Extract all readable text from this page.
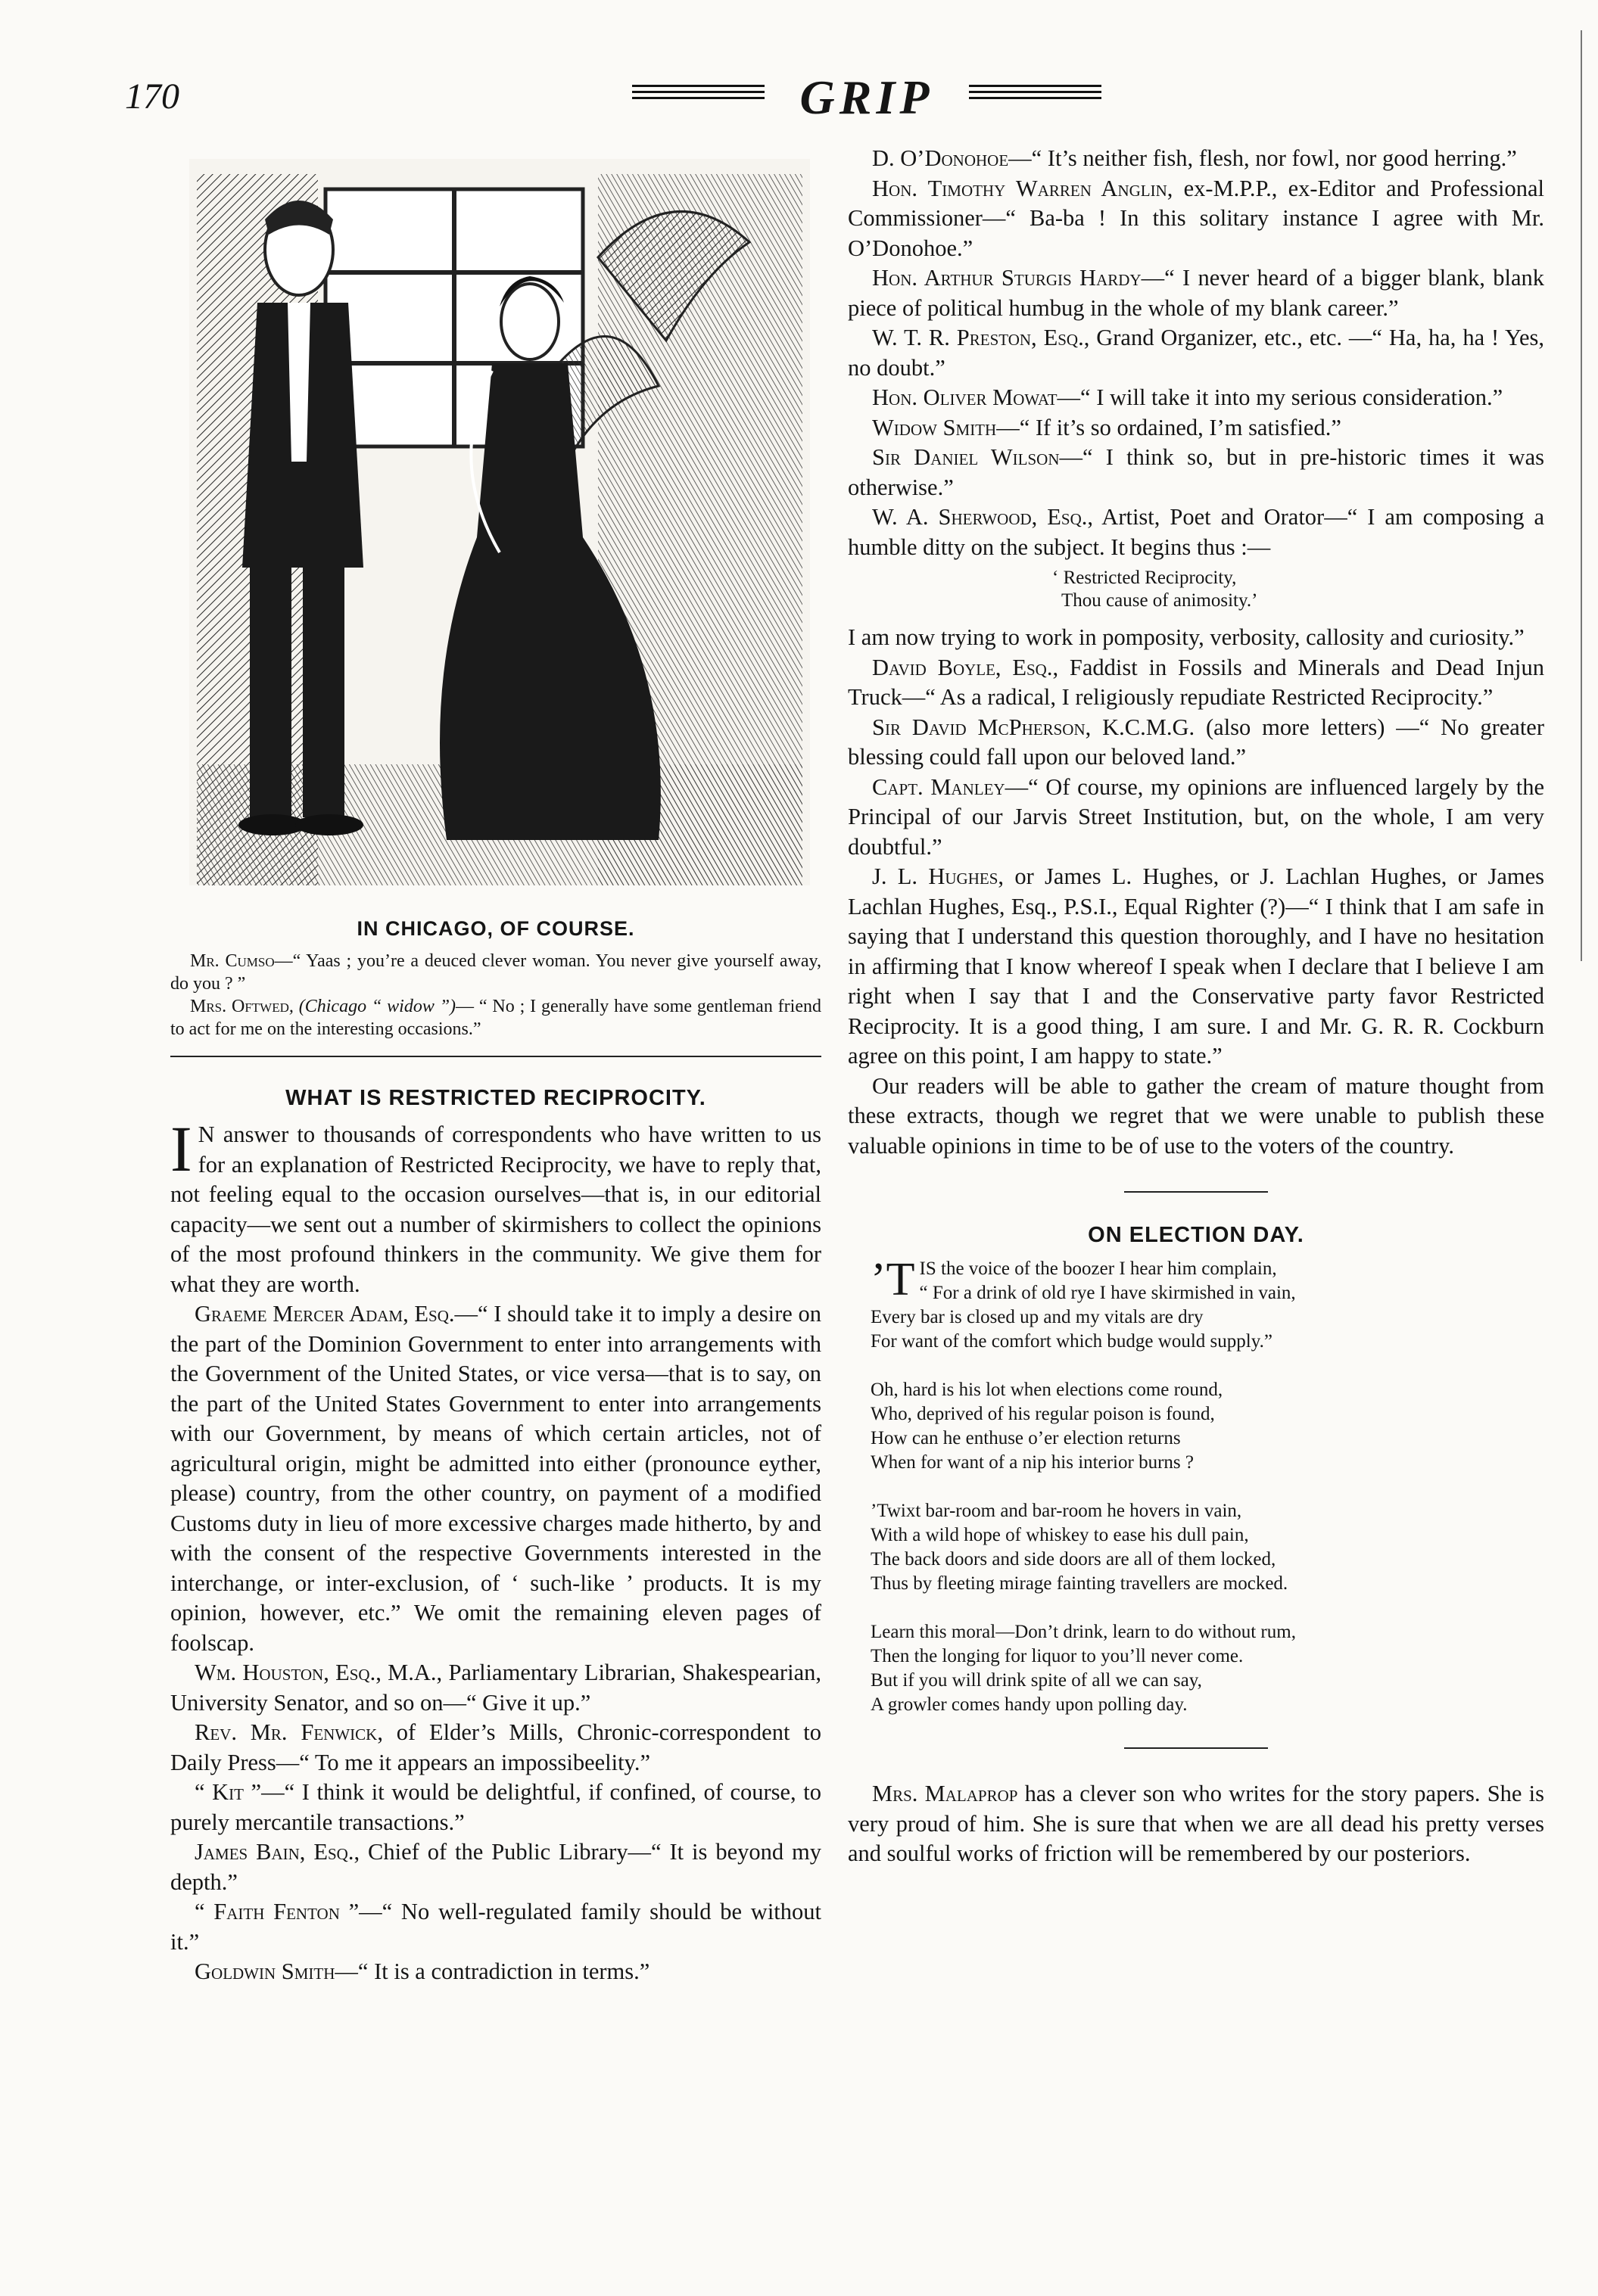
170	GRIP
IN CHICAGO, OF COURSE.

Mr. Cumso—“ Yaas ; you’re a deuced clever woman. You never give yourself away, do you ? ”

Mrs. Oftwed, (Chicago “ widow ”)— “ No ; I generally have some gentleman friend to act for me on the interesting occasions.”

WHAT IS RESTRICTED RECIPROCITY.

I N answer to thousands of correspondents who have written to us for an explanation of Restricted Reciprocity, we have to reply that, not feeling equal to the occasion ourselves—that is, in our editorial capacity—we sent out a number of skirmishers to collect the opinions of the most profound thinkers in the community. We give them for what they are worth.

Graeme Mercer Adam, Esq.—“ I should take it to imply a desire on the part of the Dominion Government to enter into arrangements with the Government of the United States, or vice versa—that is to say, on the part of the United States Government to enter into arrangements with our Government, by means of which certain articles, not of agricultural origin, might be admitted into either (pronounce eyther, please) country, from the other country, on payment of a modified Customs duty in lieu of more excessive charges made hitherto, by and with the consent of the respective Governments interested in the interchange, or inter-exclusion, of ‘ such-like ’ products. It is my opinion, however, etc.” We omit the remaining eleven pages of foolscap.

Wm. Houston, Esq., M.A., Parliamentary Librarian, Shakespearian, University Senator, and so on—“ Give it up.”

Rev. Mr. Fenwick, of Elder’s Mills, Chronic-correspondent to Daily Press—“ To me it appears an impossibeelity.”

“ Kit ”—“ I think it would be delightful, if confined, of course, to purely mercantile transactions.”

James Bain, Esq., Chief of the Public Library—“ It is beyond my depth.”

“ Faith Fenton ”—“ No well-regulated family should be without it.”

Goldwin Smith—“ It is a contradiction in terms.”

D. O’Donohoe—“ It’s neither fish, flesh, nor fowl, nor good herring.”

Hon. Timothy Warren Anglin, ex-M.P.P., ex-Editor and Professional Commissioner—“ Ba-ba ! In this solitary instance I agree with Mr. O’Donohoe.”

Hon. Arthur Sturgis Hardy—“ I never heard of a bigger blank, blank piece of political humbug in the whole of my blank career.”

W. T. R. Preston, Esq., Grand Organizer, etc., etc. —“ Ha, ha, ha ! Yes, no doubt.”

Hon. Oliver Mowat—“ I will take it into my serious consideration.”

Widow Smith—“ If it’s so ordained, I’m satisfied.”

Sir Daniel Wilson—“ I think so, but in pre-historic times it was otherwise.”

W. A. Sherwood, Esq., Artist, Poet and Orator—“ I am composing a humble ditty on the subject. It begins thus :—

‘ Restricted Reciprocity,
Thou cause of animosity.’

I am now trying to work in pomposity, verbosity, callosity and curiosity.”

David Boyle, Esq., Faddist in Fossils and Minerals and Dead Injun Truck—“ As a radical, I religiously repudiate Restricted Reciprocity.”

Sir David McPherson, K.C.M.G. (also more letters) —“ No greater blessing could fall upon our beloved land.”

Capt. Manley—“ Of course, my opinions are influenced largely by the Principal of our Jarvis Street Institution, but, on the whole, I am very doubtful.”

J. L. Hughes, or James L. Hughes, or J. Lachlan Hughes, or James Lachlan Hughes, Esq., P.S.I., Equal Righter (?)—“ I think that I am safe in saying that I understand this question thoroughly, and I have no hesitation in affirming that I know whereof I speak when I declare that I believe I am right when I say that I and the Conservative party favor Restricted Reciprocity. It is a good thing, I am sure. I and Mr. G. R. R. Cockburn agree on this point, I am happy to state.”

Our readers will be able to gather the cream of mature thought from these extracts, though we regret that we were unable to publish these valuable opinions in time to be of use to the voters of the country.

ON ELECTION DAY.
’T IS the voice of the boozer I hear him complain,
“ For a drink of old rye I have skirmished in vain,
Every bar is closed up and my vitals are dry
For want of the comfort which budge would supply.”
Oh, hard is his lot when elections come round,
Who, deprived of his regular poison is found,
How can he enthuse o’er election returns
When for want of a nip his interior burns ?
’Twixt bar-room and bar-room he hovers in vain,
With a wild hope of whiskey to ease his dull pain,
The back doors and side doors are all of them locked,
Thus by fleeting mirage fainting travellers are mocked.
Learn this moral—Don’t drink, learn to do without rum,
Then the longing for liquor to you’ll never come.
But if you will drink spite of all we can say,
A growler comes handy upon polling day.

Mrs. Malaprop has a clever son who writes for the story papers. She is very proud of him. She is sure that when we are all dead his pretty verses and soulful works of friction will be remembered by our posteriors.
